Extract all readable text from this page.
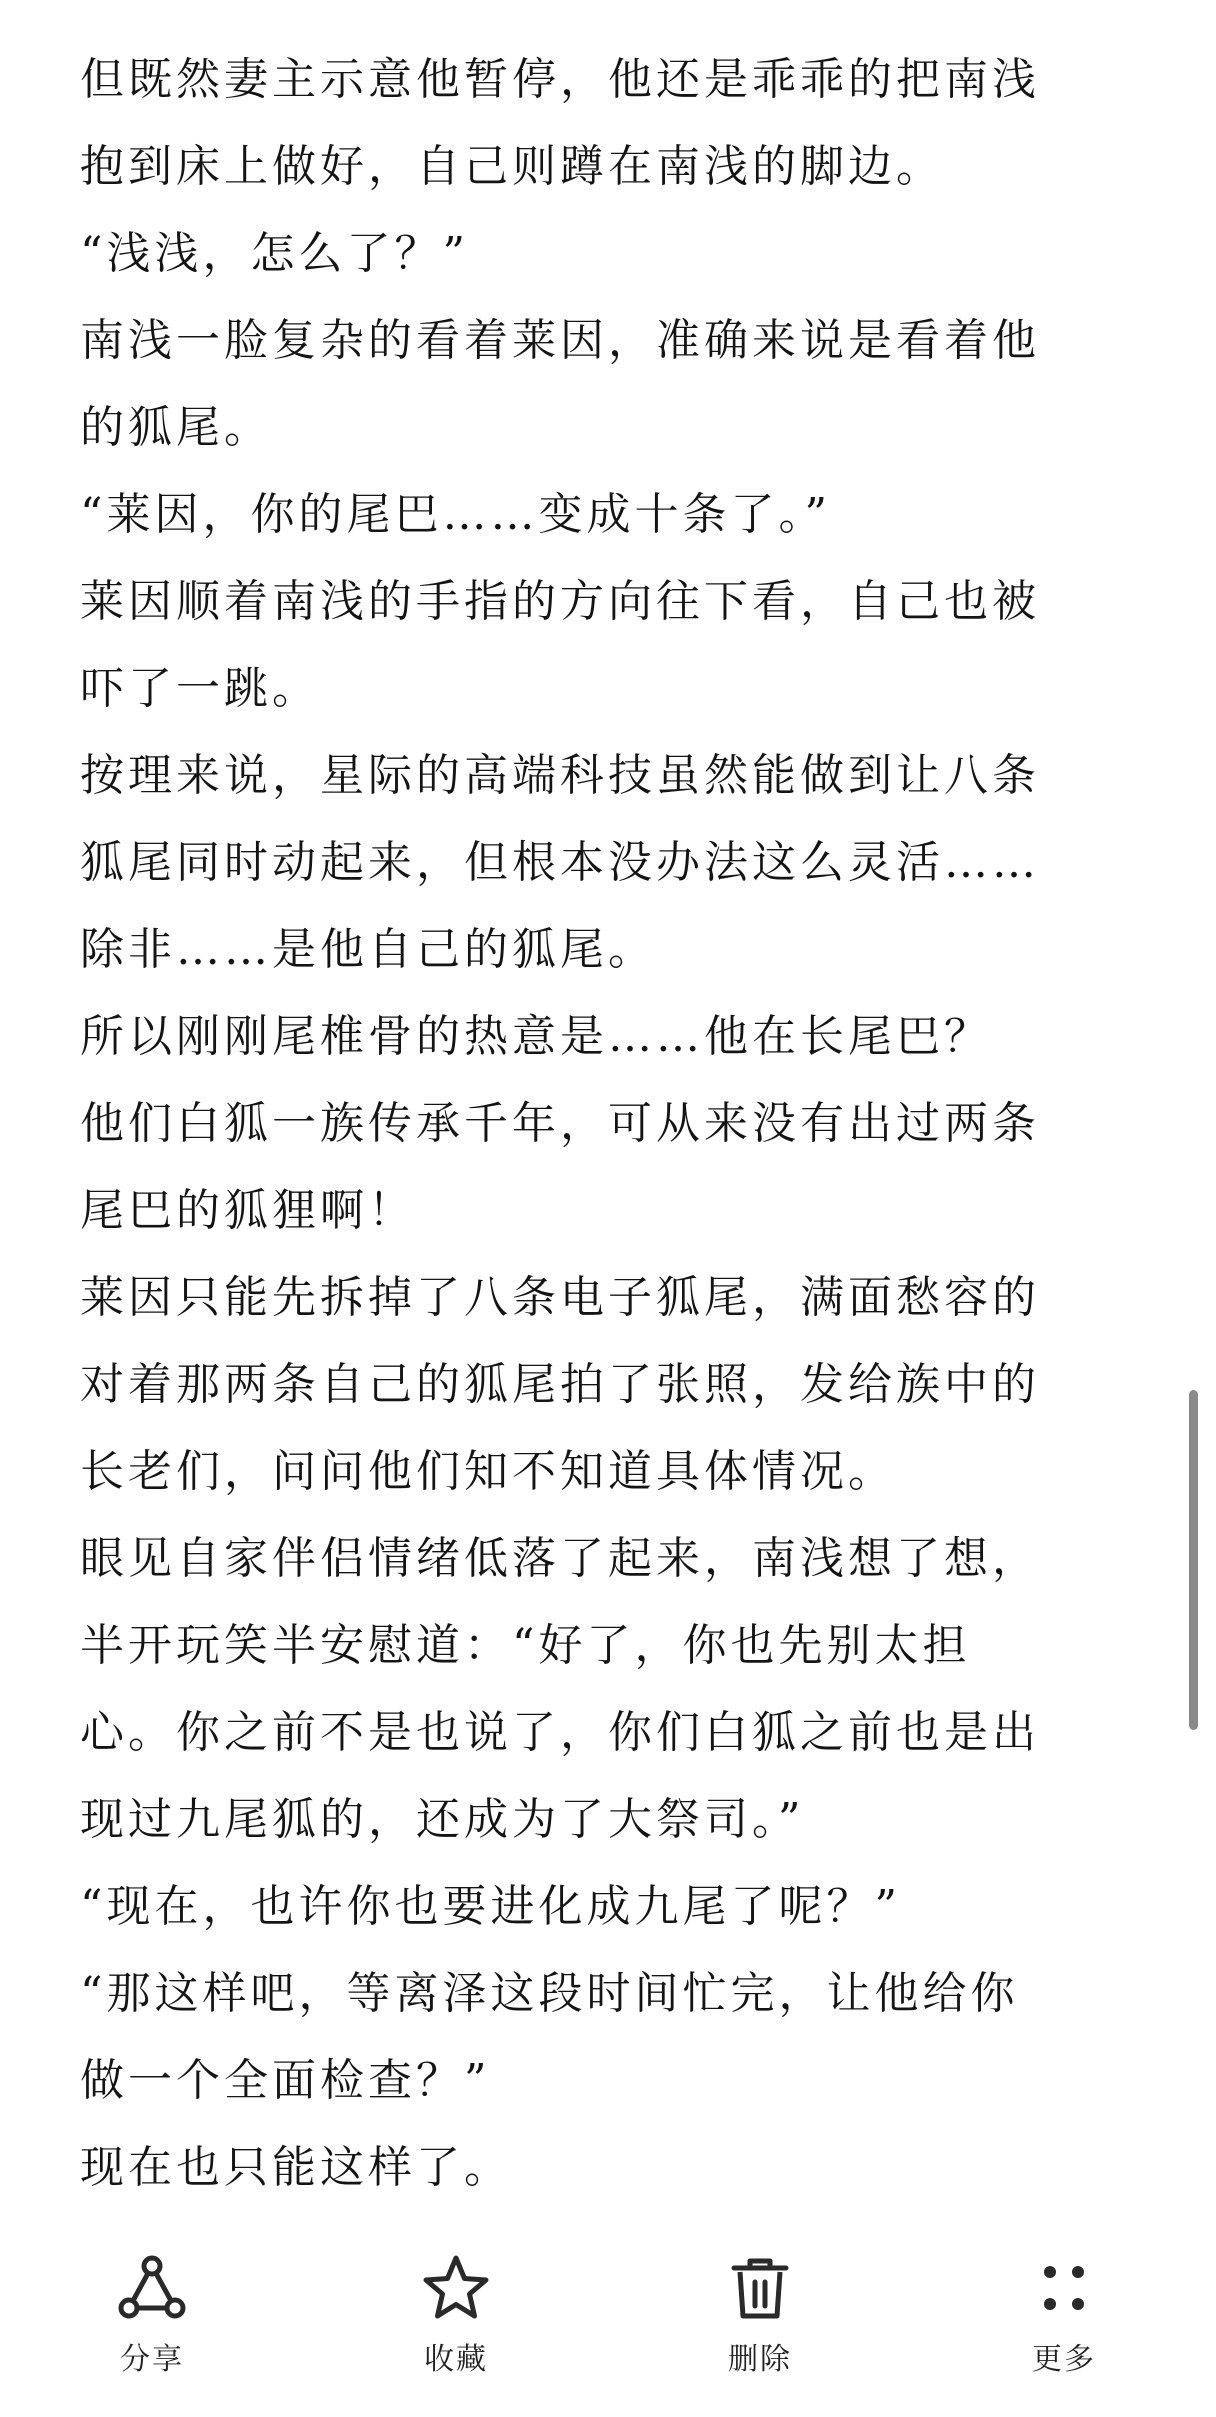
但既然妻主示意他暂停，他还是乖乖的把南浅
抱到床上做好，自己则蹲在南浅的脚边。
“浅浅，怎么了？”
南浅一脸复杂的看着莱因，准确来说是看着他
的狐尾。
“莱因，你的尾巴……变成十条了。”
莱因顺着南浅的手指的方向往下看，自己也被
吓了一跳。
按理来说，星际的高端科技虽然能做到让八条
狐尾同时动起来，但根本没办法这么灵活……
除非……是他自己的狐尾。
所以刚刚尾椎骨的热意是……他在长尾巴？
他们白狐一族传承千年，可从来没有出过两条
尾巴的狐狸啊！
莱因只能先拆掉了八条电子狐尾，满面愁容的
对着那两条自己的狐尾拍了张照，发给族中的
长老们，问问他们知不知道具体情况。
眼见自家伴侣情绪低落了起来，南浅想了想，
半开玩笑半安慰道：“好了，你也先别太担
心。你之前不是也说了，你们白狐之前也是出
现过九尾狐的，还成为了大祭司。”
“现在，也许你也要进化成九尾了呢？”
“那这样吧，等离泽这段时间忙完，让他给你
做一个全面检查？”
现在也只能这样了。
分享	收藏	删除	更多
